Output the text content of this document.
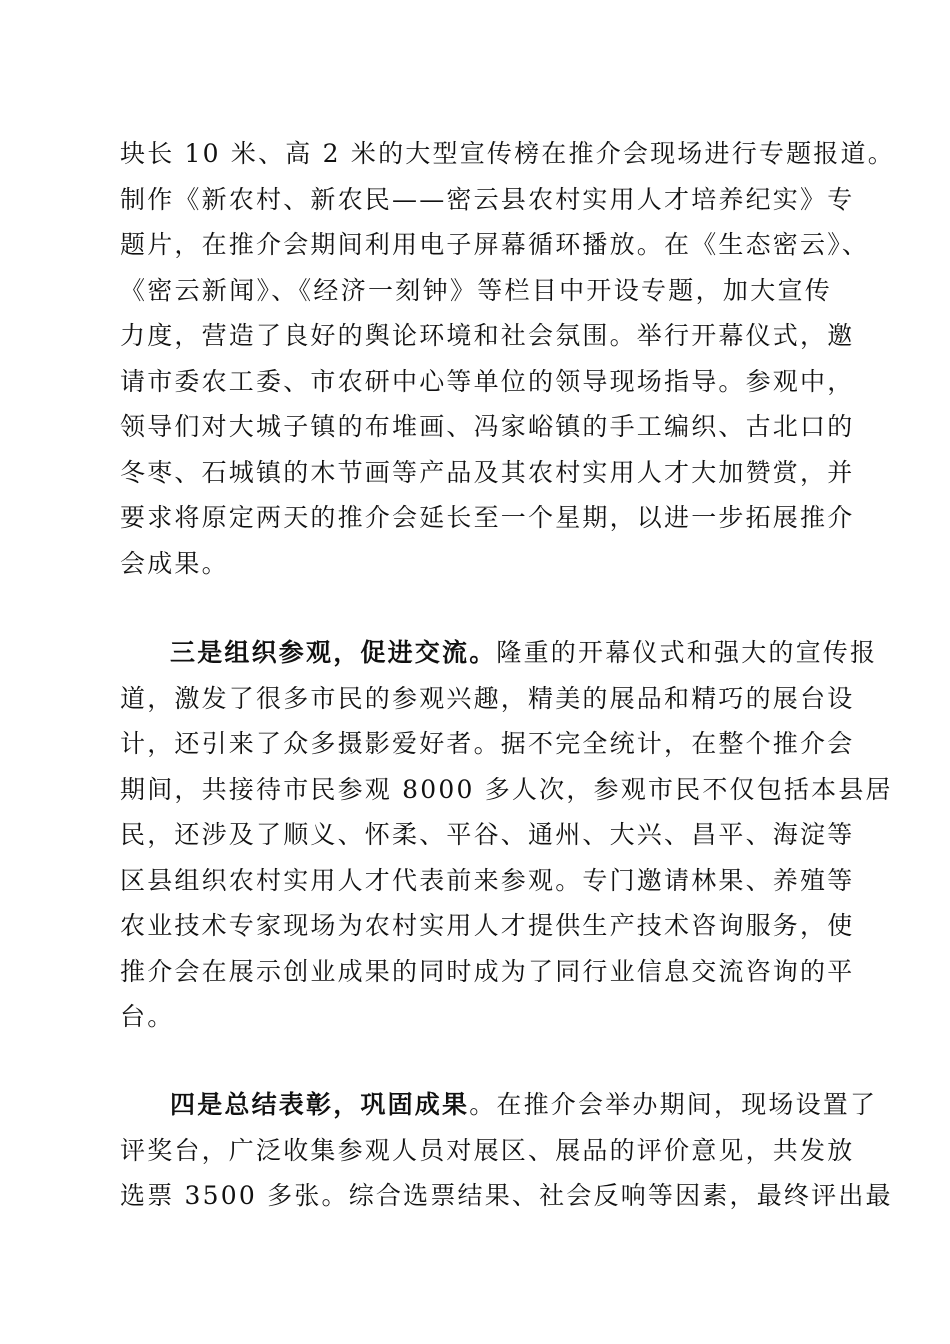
块长 10 米、高 2 米的大型宣传榜在推介会现场进行专题报道。
制作《新农村、新农民——密云县农村实用人才培养纪实》专
题片，在推介会期间利用电子屏幕循环播放。在《生态密云》、
《密云新闻》、《经济一刻钟》等栏目中开设专题，加大宣传
力度，营造了良好的舆论环境和社会氛围。举行开幕仪式，邀
请市委农工委、市农研中心等单位的领导现场指导。参观中，
领导们对大城子镇的布堆画、冯家峪镇的手工编织、古北口的
冬枣、石城镇的木节画等产品及其农村实用人才大加赞赏，并
要求将原定两天的推介会延长至一个星期，以进一步拓展推介
会成果。
三是组织参观，促进交流。隆重的开幕仪式和强大的宣传报
道，激发了很多市民的参观兴趣，精美的展品和精巧的展台设
计，还引来了众多摄影爱好者。据不完全统计，在整个推介会
期间，共接待市民参观 8000 多人次，参观市民不仅包括本县居
民，还涉及了顺义、怀柔、平谷、通州、大兴、昌平、海淀等
区县组织农村实用人才代表前来参观。专门邀请林果、养殖等
农业技术专家现场为农村实用人才提供生产技术咨询服务，使
推介会在展示创业成果的同时成为了同行业信息交流咨询的平
台。
四是总结表彰，巩固成果。在推介会举办期间，现场设置了
评奖台，广泛收集参观人员对展区、展品的评价意见，共发放
选票 3500 多张。综合选票结果、社会反响等因素，最终评出最
